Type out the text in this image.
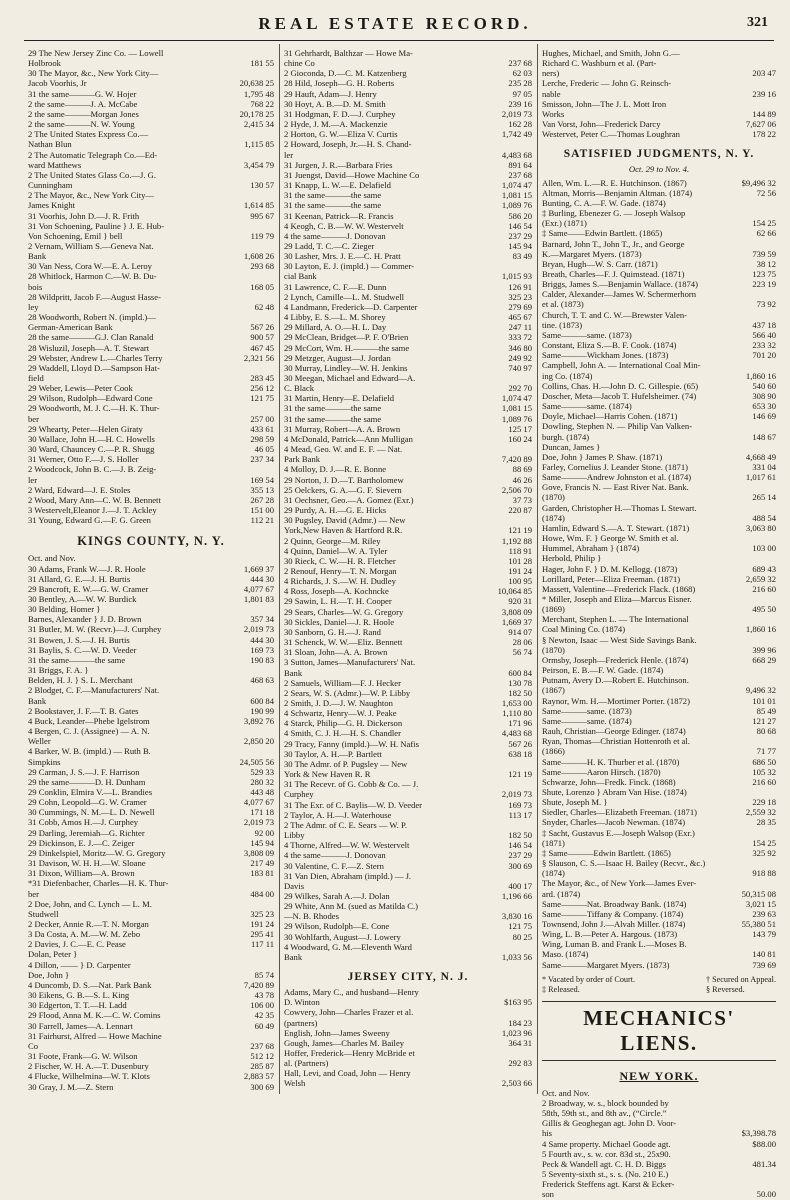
REAL ESTATE RECORD.	321
29 The New Jersey Zinc Co. — Lowell
Holbrook	181 55
30 The Mayor, &c., New York City—
Jacob Voorhis, Jr	20,638 25
31 the same———G. W. Hojer	1,795 48
2 the same———J. A. McCabe	768 22
2 the same———Morgan Jones	20,178 25
2 the same———N. W. Young	2,415 34
2 The United States Express Co.—
Nathan Blun	1,115 85
2 The Automatic Telegraph Co.—Ed-
ward Matthews	3,454 79
2 The United States Glass Co.—J. G.
Cunningham	130 57
2 The Mayor, &c., New York City—
James Knight	1,614 85
31 Voorhis, John D.—J. R. Frith	995 67
31 Von Schoening, Pauline } J. E. Hub-
Von Schoening, Emil } bell	119 79
2 Vernam, William S.—Geneva Nat.
Bank	1,608 26
30 Van Ness, Cora W.—E. A. Leroy	293 68
28 Whitlock, Harmon C.—W. B. Du-
bois	168 05
28 Wildpritt, Jacob F.—August Hasse-
ley	62 48
28 Woodworth, Robert N. (impld.)—
German-American Bank	567 26
28 the same———G.J. Clan Ranald	900 57
28 Wisluzil, Joseph—A. T. Stewart	467 45
29 Webster, Andrew L.—Charles Terry	2,321 56
29 Waddell, Lloyd D.—Sampson Hat-
field	283 45
29 Weber, Lewis—Peter Cook	256 12
29 Wilson, Rudolph—Edward Cone	121 75
29 Woodworth, M. J. C.—H. K. Thur-
ber	257 00
29 Whearty, Peter—Helen Giraty	433 61
30 Wallace, John H.—H. C. Howells	298 59
30 Ward, Chauncey C.—P. R. Shugg	46 05
31 Werner, Otto F.—J. S. Holler	237 34
2 Woodcock, John B. C.—J. B. Zeig-
ler	169 54
2 Ward, Edward—J. E. Stoles	355 13
2 Wood, Mary Ann—C. W. B. Bennett	267 28
3 Westervelt,Eleanor J.—J. T. Ackley	151 00
31 Young, Edward G.—F. G. Green	112 21
KINGS COUNTY, N. Y.
Oct. and Nov.
30 Adams, Frank W.—J. R. Hoole	1,669 37
31 Allard, G. E.—J. H. Burtis	444 30
29 Bancroft, E. W.—G. W. Cramer	4,077 67
30 Bentley, A.—W. W. Burdick	1,801 83
30 Belding, Homer }
Barnes, Alexander } J. D. Brown	357 34
31 Butler, M. W. (Recvr.)—J. Curphey	2,019 73
31 Bowen, J. S.—J. H. Burtis	444 30
31 Baylis, S. C.—W. D. Veeder	169 73
31 the same———the same	190 83
31 Briggs, F. A. }
Belden, H. J. } S. L. Merchant	468 63
2 Blodget, C. F.—Manufacturers' Nat.
Bank	600 84
2 Bookstaver, J. F.—T. B. Gates	190 99
4 Buck, Leander—Phebe Igelstrom	3,892 76
4 Bergen, C. J. (Assignee) — A. N.
Weller	2,850 20
4 Barker, W. B. (impld.) — Ruth B.
Simpkins	24,505 56
29 Carman, J. S.—J. F. Harrison	529 33
29 the same———D. H. Dunham	280 32
29 Conklin, Elmira V.—L. Brandies	443 48
29 Cohn, Leopold—G. W. Cramer	4,077 67
30 Cummings, N. M.—L. D. Newell	171 18
31 Cobb, Amos H.—J. Curphey	2,019 73
29 Darling, Jeremiah—G. Richter	92 00
29 Dickinson, E. J.—C. Zeiger	145 94
29 Dinkelspiel, Moritz—W. G. Gregory	3,808 09
31 Davison, W. H. H.—W. Sloane	217 49
31 Dixon, William—A. Brown	183 81
*31 Diefenbacher, Charles—H. K. Thur-
ber	484 00
2 Doe, John, and C. Lynch — L. M.
Studwell	325 23
2 Decker, Annie R.—T. N. Morgan	191 24
3 Da Costa, A. M.—W. M. Zebo	295 41
2 Davies, J. C.—E. C. Pease	117 11
Dolan, Peter }
4 Dillon, —— } D. Carpenter
Doe, John }	85 74
4 Duncomb, D. S.—Nat. Park Bank	7,420 89
30 Eikens, G. B.—S. L. King	43 78
30 Edgerton, T. T.—H. Ladd	106 00
29 Flood, Anna M. K.—C. W. Comins	42 35
30 Farrell, James—A. Lennart	60 49
31 Fairhurst, Alfred — Howe Machine
Co	237 68
31 Foote, Frank—G. W. Wilson	512 12
2 Fischer, W. H. A.—T. Dusenbury	285 87
4 Flucke, Wilhelmina—W. T. Klots	2,883 57
30 Gray, J. M.—Z. Stern	300 69
31 Gehrhardt, Balthzar — Howe Ma-
chine Co	237 68
2 Gioconda, D.—C. M. Katzenberg	62 03
28 Hild, Joseph—G. H. Roberts	235 28
29 Hauft, Adam—J. Henry	97 05
30 Hoyt, A. B.—D. M. Smith	239 16
31 Hodgman, F. D.—J. Curphey	2,019 73
2 Hyde, J. M.—A. Mackenzie	162 28
2 Horton, G. W.—Eliza V. Curtis	1,742 49
2 Howard, Joseph, Jr.—H. S. Chand-
ler	4,483 68
31 Jurgen, J. R.—Barbara Fries	891 64
31 Juengst, David—Howe Machine Co	237 68
31 Knapp, L. W.—E. Delafield	1,074 47
31 the same———the same	1,081 15
31 the same———the same	1,089 76
31 Keenan, Patrick—R. Francis	586 20
4 Keogh, C. B.—W. W. Westervelt	146 54
4 the same———J. Donovan	237 29
29 Ladd, T. C.—C. Zieger	145 94
30 Lasher, Mrs. J. E.—C. H. Pratt	83 49
30 Layton, E. J. (impld.) — Commer-
cial Bank	1,015 93
31 Lawrence, C. F.—E. Dunn	126 91
2 Lynch, Camille—L. M. Studwell	325 23
4 Landmann, Frederick—D. Carpenter	279 69
4 Libby, E. S.—L. M. Shorey	465 67
29 Millard, A. O.—H. L. Day	247 11
29 McClean, Bridget—P. F. O'Brien	333 72
29 McCort, Wm. H.———the same	346 80
29 Metzger, August—J. Jordan	249 92
30 Murray, Lindley—W. H. Jenkins	740 97
30 Meegan, Michael and Edward—A.
C. Black	292 70
31 Martin, Henry—E. Delafield	1,074 47
31 the same———the same	1,081 15
31 the same———the same	1,089 76
31 Murray, Robert—A. A. Brown	125 17
4 McDonald, Patrick—Ann Mulligan	160 24
4 Mead, Geo. W. and E. F. — Nat.
Park Bank	7,420 89
4 Molloy, D. J.—R. E. Bonne	88 69
29 Norton, J. D.—T. Bartholomew	46 26
25 Oelckers, G. A.—G. F. Sievern	2,506 70
31 Oechsner, Geo.—A. Gomez (Exr.)	37 73
29 Purdy, A. H.—G. E. Hicks	220 87
30 Pugsley, David (Admr.) — New
York,New Haven & Hartford R.R.	121 19
2 Quinn, George—M. Riley	1,192 88
4 Quinn, Daniel—W. A. Tyler	118 91
30 Rieck, C. W.—H. R. Fletcher	101 28
2 Renouf, Henry—T. N. Morgan	191 24
4 Richards, J. S.—W. H. Dudley	100 95
4 Ross, Joseph—A. Kochncke	10,064 85
29 Sawin, L. H.—T. H. Cooper	920 31
29 Sears, Charles—W. G. Gregory	3,808 09
30 Sickles, Daniel—J. R. Hoole	1,669 37
30 Sanborn, G. H.—J. Rand	914 07
31 Schenck, W. W.—Eliz. Bennett	28 06
31 Sloan, John—A. A. Brown	56 74
3 Sutton, James—Manufacturers' Nat.
Bank	600 84
2 Samuels, William—F. J. Hecker	130 78
2 Sears, W. S. (Admr.)—W. P. Libby	182 50
2 Smith, J. D.—J. W. Naughton	1,653 00
4 Schwartz, Henry—W. J. Peake	1,110 80
4 Starck, Philip—G. H. Dickerson	171 96
4 Smith, C. J. H.—H. S. Chandler	4,483 68
29 Tracy, Fanny (impld.)—W. H. Nafis	567 26
30 Taylor, A. H.—P. Bartlett	638 18
30 The Admr. of P. Pugsley — New
York & New Haven R. R	121 19
31 The Recevr. of G. Cobb & Co. — J.
Curphey	2,019 73
31 The Exr. of C. Baylis—W. D. Veeder	169 73
2 Taylor, A. H.—J. Waterhouse	113 17
2 The Admr. of C. E. Sears — W. P.
Libby	182 50
4 Thorne, Alfred—W. W. Westervelt	146 54
4 the same———J. Donovan	237 29
30 Valentine, C. F.—Z. Stern	300 69
31 Van Dien, Abraham (impld.) — J.
Davis	400 17
29 Wilkes, Sarah A.—J. Dolan	1,196 66
29 White, Ann M. (sued as Matilda C.)
—N. B. Rhodes	3,830 16
29 Wilson, Rudolph—E. Cone	121 75
30 Wohlfarth, August—J. Lowery	80 25
4 Woodward, G. M.—Eleventh Ward
Bank	1,033 56
JERSEY CITY, N. J.
Adams, Mary C., and husband—Henry
D. Winton	$163 95
Cowvery, John—Charles Frazer et al.
(partners)	184 23
English, John—James Sweeny	1,023 96
Gough, James—Charles M. Bailey	364 31
Hoffer, Frederick—Henry McBride et
al. (Partners)	292 83
Hall, Levi, and Coad, John — Henry
Welsh	2,503 66
Hughes, Michael, and Smith, John G.—
Richard C. Washburn et al. (Part-
ners)	203 47
Lerche, Frederic — John G. Reinsch-
nable	239 16
Smisson, John—The J. L. Mott Iron
Works	144 89
Van Vorst, John—Frederick Darcy	7,627 06
Westervet, Peter C.—Thomas Loughran	178 22
SATISFIED JUDGMENTS, N. Y.
Oct. 29 to Nov. 4.
Allen, Wm. L.—R. E. Hutchinson. (1867)	$9,496 32
Altman, Morris—Benjamin Altman. (1874)	72 56
Bunting, C. A.—F. W. Gade. (1874)
‡ Burling, Ebenezer G. — Joseph Walsop
(Exr.) (1871)	154 25
‡ Same——Edwin Bartlett. (1865)	62 66
Barnard, John T., John T., Jr., and George
K.—Margaret Myers. (1873)	739 59
Bryan, Hugh—W. S. Carr. (1871)	38 12
Breath, Charles—F. J. Quimstead. (1871)	123 75
Briggs, James S.—Benjamin Wallace. (1874)	223 19
Calder, Alexander—James W. Schermerhorn
et al. (1873)	73 92
Church, T. T. and C. W.—Brewster Valen-
tine. (1873)	437 18
Same———same. (1873)	566 40
Constant, Eliza S.—B. F. Cook. (1874)	233 32
Same———Wickham Jones. (1873)	701 20
Campbell, John A. — International Coal Min-
ing Co. (1874)	1,860 16
Collins, Chas. H.—John D. C. Gillespie. (65)	540 60
Doscher, Meta—Jacob T. Hufelsheimer. (74)	308 90
Same———same. (1874)	653 30
Doyle, Michael—Harris Cohen. (1871)	146 69
Dowling, Stephen N. — Philip Van Valken-
burgh. (1874)	148 67
Duncan, James }
Doe, John } James P. Shaw. (1871)	4,668 49
Farley, Cornelius J. Leander Stone. (1871)	331 04
Same———Andrew Johnston et al. (1874)	1,017 61
Gove, Francis N. — East River Nat. Bank.
(1870)	265 14
Garden, Christopher H.—Thomas L Stewart.
(1874)	488 54
Hamlin, Edward S.—A. T. Stewart. (1871)	3,063 80
Howe, Wm. F. } George W. Smith et al.
Hummel, Abraham } (1874)	103 00
Herbold, Philip }
Hager, John F. } D. M. Kellogg. (1873)	689 43
Lorillard, Peter—Eliza Freeman. (1871)	2,659 32
Massett, Valentine—Frederick Flack. (1868)	216 60
* Miller, Joseph and Eliza—Marcus Eisner.
(1869)	495 50
Merchant, Stephen L. — The International
Coal Mining Co. (1874)	1,860 16
§ Newton, Isaac — West Side Savings Bank.
(1870)	399 96
Ormsby, Joseph—Frederick Henle. (1874)	668 29
Peirson, E. B.—F. W. Gade. (1874)
Putnam, Avery D.—Robert E. Hutchinson.
(1867)	9,496 32
Raynor, Wm. H.—Mortimer Porter. (1872)	101 01
Same———same. (1873)	85 49
Same———same. (1874)	121 27
Rauh, Christian—George Edinger. (1874)	80 68
Ryan, Thomas—Christian Hottenroth et al.
(1866)	71 77
Same———H. K. Thurber et al. (1870)	686 50
Same———Aaron Hirsch. (1870)	105 32
Schwarze, John—Fredk. Finck. (1868)	216 60
Shute, Lorenzo } Abram Van Hise. (1874)
Shute, Joseph M. }	229 18
Siedler, Charles—Elizabeth Freeman. (1871)	2,559 32
Snyder, Charles—Jacob Newman. (1874)	28 35
‡ Sacht, Gustavus E.—Joseph Walsop (Exr.)
(1871)	154 25
‡ Same———Edwin Bartlett. (1865)	325 92
§ Slauson, C. S.—Isaac H. Bailey (Recvr., &c.)
(1874)	918 88
The Mayor, &c., of New York—James Ever-
ard. (1874)	50,315 08
Same———Nat. Broadway Bank. (1874)	3,021 15
Same———Tiffany & Company. (1874)	239 63
Townsend, John J.—Alvah Miller. (1874)	55,380 51
Wing, L. B.—Peter A. Hargous. (1873)	143 79
Wing, Luman B. and Frank L.—Moses B.
Maso. (1874)	140 81
Same———Margaret Myers. (1873)	739 69
* Vacated by order of Court.
‡ Released.
† Secured on Appeal.
§ Reversed.
MECHANICS' LIENS.
NEW YORK.
Oct. and Nov.
2 Broadway, w. s., block bounded by
58th, 59th st., and 8th av., (“Circle.”
Gillis & Geoghegan agt. John D. Voor-
his	$3,398.78
4 Same property. Michael Goode agt.	$88.00
5 Fourth av., s. w. cor. 83d st., 25x90.
Peck & Wandell agt. C. H. D. Biggs	481.34
5 Seventy-sixth st., s. s. (No. 210 E.)
Frederick Steffens agt. Karst & Ecker-
son	50.00
